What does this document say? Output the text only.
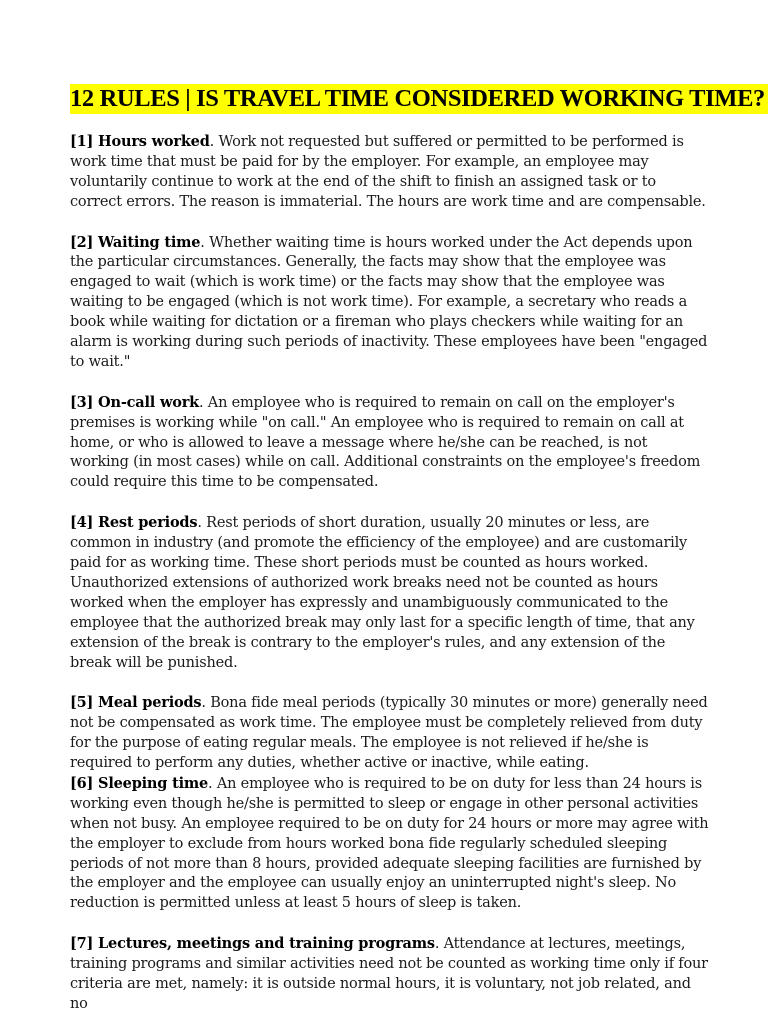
12 RULES | IS TRAVEL TIME CONSIDERED WORKING TIME?

[1] Hours worked. Work not requested but suffered or permitted to be performed is work time that must be paid for by the employer. For example, an employee may voluntarily continue to work at the end of the shift to finish an assigned task or to correct errors. The reason is immaterial. The hours are work time and are compensable.

[2] Waiting time. Whether waiting time is hours worked under the Act depends upon the particular circumstances. Generally, the facts may show that the employee was engaged to wait (which is work time) or the facts may show that the employee was waiting to be engaged (which is not work time). For example, a secretary who reads a book while waiting for dictation or a fireman who plays checkers while waiting for an alarm is working during such periods of inactivity. These employees have been "engaged to wait."

[3] On-call work. An employee who is required to remain on call on the employer's premises is working while "on call." An employee who is required to remain on call at home, or who is allowed to leave a message where he/she can be reached, is not working (in most cases) while on call. Additional constraints on the employee's freedom could require this time to be compensated.

[4] Rest periods. Rest periods of short duration, usually 20 minutes or less, are common in industry (and promote the efficiency of the employee) and are customarily paid for as working time. These short periods must be counted as hours worked. Unauthorized extensions of authorized work breaks need not be counted as hours worked when the employer has expressly and unambiguously communicated to the employee that the authorized break may only last for a specific length of time, that any extension of the break is contrary to the employer's rules, and any extension of the break will be punished.

[5] Meal periods. Bona fide meal periods (typically 30 minutes or more) generally need not be compensated as work time. The employee must be completely relieved from duty for the purpose of eating regular meals. The employee is not relieved if he/she is required to perform any duties, whether active or inactive, while eating.

[6] Sleeping time. An employee who is required to be on duty for less than 24 hours is working even though he/she is permitted to sleep or engage in other personal activities when not busy. An employee required to be on duty for 24 hours or more may agree with the employer to exclude from hours worked bona fide regularly scheduled sleeping periods of not more than 8 hours, provided adequate sleeping facilities are furnished by the employer and the employee can usually enjoy an uninterrupted night's sleep. No reduction is permitted unless at least 5 hours of sleep is taken.

[7] Lectures, meetings and training programs. Attendance at lectures, meetings, training programs and similar activities need not be counted as working time only if four criteria are met, namely: it is outside normal hours, it is voluntary, not job related, and no
